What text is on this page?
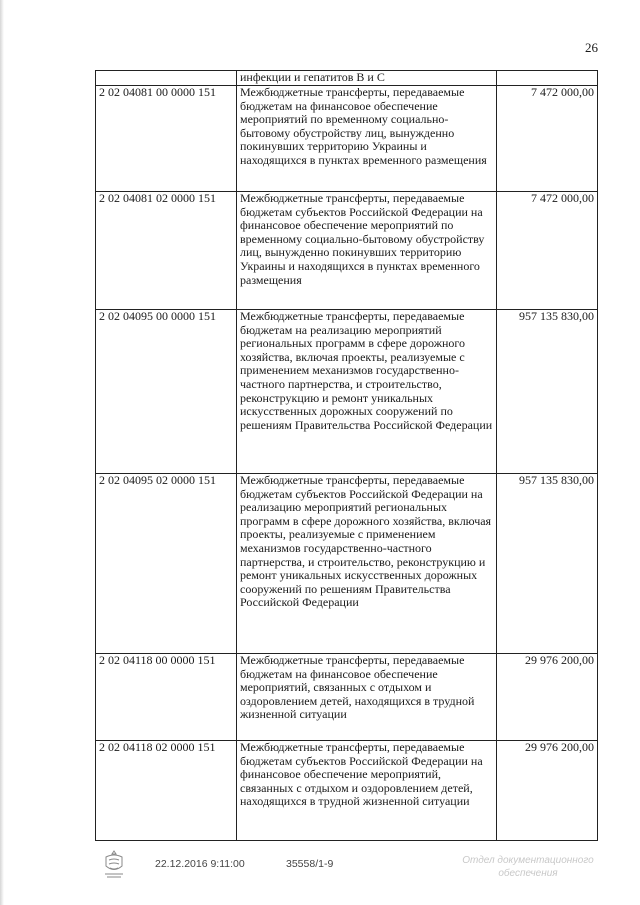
26
	инфекции и гепатитов В и С	
2 02 04081 00 0000 151	Межбюджетные трансферты, передаваемые бюджетам на финансовое обеспечение мероприятий по временному социально-бытовому обустройству лиц, вынужденно покинувших территорию Украины и находящихся в пунктах временного размещения	7 472 000,00
2 02 04081 02 0000 151	Межбюджетные трансферты, передаваемые бюджетам субъектов Российской Федерации на финансовое обеспечение мероприятий по временному социально-бытовому обустройству лиц, вынужденно покинувших территорию Украины и находящихся в пунктах временного размещения	7 472 000,00
2 02 04095 00 0000 151	Межбюджетные трансферты, передаваемые бюджетам на реализацию мероприятий региональных программ в сфере дорожного хозяйства, включая проекты, реализуемые с применением механизмов государственно-частного партнерства, и строительство, реконструкцию и ремонт уникальных искусственных дорожных сооружений по решениям Правительства Российской Федерации	957 135 830,00
2 02 04095 02 0000 151	Межбюджетные трансферты, передаваемые бюджетам субъектов Российской Федерации на реализацию мероприятий региональных программ в сфере дорожного хозяйства, включая проекты, реализуемые с применением механизмов государственно-частного партнерства, и строительство, реконструкцию и ремонт уникальных искусственных дорожных сооружений по решениям Правительства Российской Федерации	957 135 830,00
2 02 04118 00 0000 151	Межбюджетные трансферты, передаваемые бюджетам на финансовое обеспечение мероприятий, связанных с отдыхом и оздоровлением детей, находящихся в трудной жизненной ситуации	29 976 200,00
2 02 04118 02 0000 151	Межбюджетные трансферты, передаваемые бюджетам субъектов Российской Федерации на финансовое обеспечение мероприятий, связанных с отдыхом и оздоровлением детей, находящихся в трудной жизненной ситуации	29 976 200,00
22.12.2016 9:11:00	35558/1-9	Отдел документационного
обеспечения
